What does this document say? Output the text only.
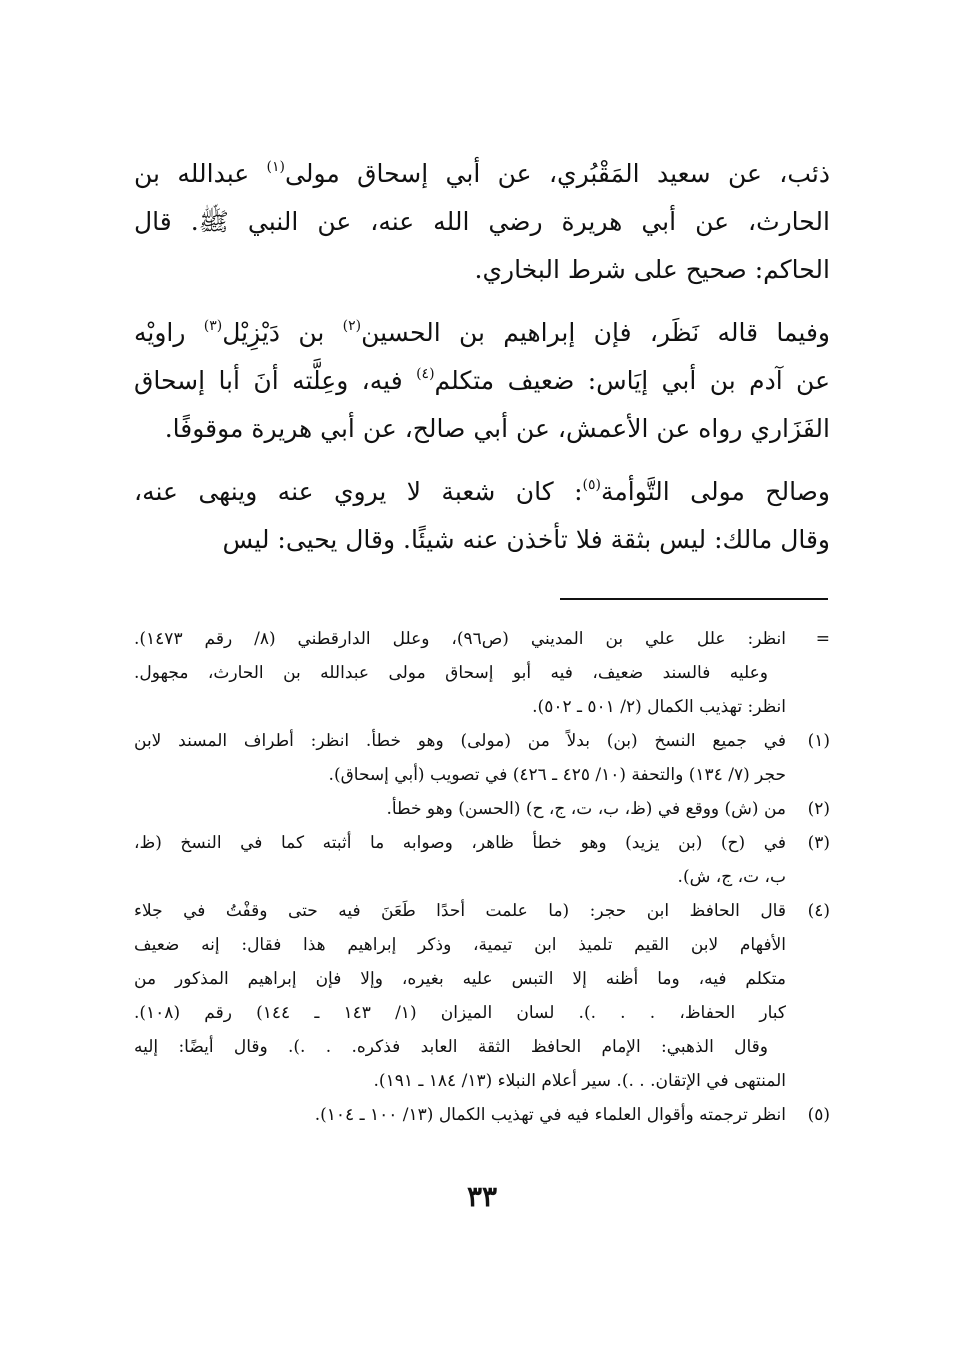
ذئب، عن سعيد المَقْبُري، عن أبي إسحاق مولى$^{(١)}$ عبدالله بن
الحارث، عن أبي هريرة رضي الله عنه، عن النبي ﷺ. قال
الحاكم: صحيح على شرط البخاري.
وفيما قاله نَظَر، فإن إبراهيم بن الحسين$^{(٢)}$ بن دَيْزِيْل$^{(٣)}$ راويْه
عن آدم بن أبي إيَاس: ضعيف متكلم$^{(٤)}$ فيه، وعِلَّته أنَ أبا إسحاق
الفَزَاري رواه عن الأعمش، عن أبي صالح، عن أبي هريرة موقوفًا.
وصالح مولى التَّوأمة$^{(٥)}$: كان شعبة لا يروي عنه وينهى عنه،
وقال مالك: ليس بثقة فلا تأخذن عنه شيئًا. وقال يحيى: ليس
=انظر: علل علي بن المديني (ص٩٦)، وعلل الدارقطني (٨/ رقم ١٤٧٣).
وعليه فالسند ضعيف، فيه أبو إسحاق مولى عبدالله بن الحارث، مجهول.
انظر: تهذيب الكمال (٢/ ٥٠١ ـ ٥٠٢).
(١)في جميع النسخ (بن) بدلاً من (مولى) وهو خطأ. انظر: أطراف المسند لابن
حجر (٧/ ١٣٤) والتحفة (١٠/ ٤٢٥ ـ ٤٢٦) في تصويب (أبي إسحاق).
(٢)من (ش) ووقع في (ظ، ب، ت، ج، ح) (الحسن) وهو خطأ.
(٣)في (ح) (بن يزيد) وهو خطأ ظاهر، وصوابه ما أثبته كما في النسخ (ظ،
ب، ت، ج، ش).
(٤)قال الحافظ ابن حجر: (ما علمت أحدًا طَعَنَ فيه حتى وقفْتُ في جلاء
الأفهام لابن القيم تلميذ ابن تيمية، وذكر إبراهيم هذا فقال: إنه ضعيف
متكلم فيه، وما أظنه إلا التبس عليه بغيره، وإلا فإن إبراهيم المذكور من
كبار الحفاظ، . . .). لسان الميزان (١/ ١٤٣ ـ ١٤٤) رقم (١٠٨).
وقال الذهبي: الإمام الحافظ الثقة العابد فذكره. . .). وقال أيضًا: إليه
المنتهى في الإتقان. . .). سير أعلام النبلاء (١٣/ ١٨٤ ـ ١٩١).
(٥)انظر ترجمته وأقوال العلماء فيه في تهذيب الكمال (١٣/ ١٠٠ ـ ١٠٤).
٣٣
